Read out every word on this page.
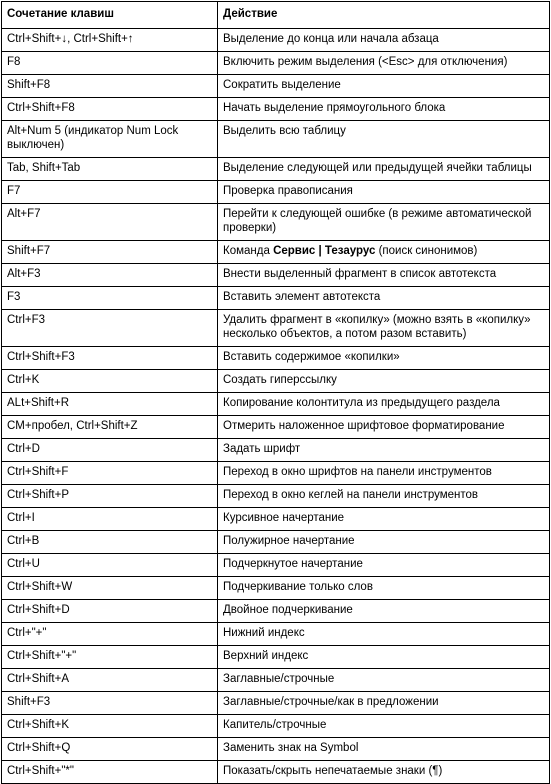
Сочетание клавиш	Действие
Ctrl+Shift+↓, Ctrl+Shift+↑	Выделение до конца или начала абзаца
F8	Включить режим выделения (<Esc> для отключения)
Shift+F8	Сократить выделение
Ctrl+Shift+F8	Начать выделение прямоугольного блока
Alt+Num 5 (индикатор Num Lock выключен)	Выделить всю таблицу
Tab, Shift+Tab	Выделение следующей или предыдущей ячейки таблицы
F7	Проверка правописания
Alt+F7	Перейти к следующей ошибке (в режиме автоматической проверки)
Shift+F7	Команда Сервис | Тезаурус (поиск синонимов)
Alt+F3	Внести выделенный фрагмент в список автотекста
F3	Вставить элемент автотекста
Ctrl+F3	Удалить фрагмент в «копилку» (можно взять в «копилку» несколько объектов, а потом разом вставить)
Ctrl+Shift+F3	Вставить содержимое «копилки»
Ctrl+K	Создать гиперссылку
ALt+Shift+R	Копирование колонтитула из предыдущего раздела
CM+пробел, Ctrl+Shift+Z	Отмерить наложенное шрифтовое форматирование
Ctrl+D	Задать шрифт
Ctrl+Shift+F	Переход в окно шрифтов на панели инструментов
Ctrl+Shift+P	Переход в окно кеглей на панели инструментов
Ctrl+I	Курсивное начертание
Ctrl+B	Полужирное начертание
Ctrl+U	Подчеркнутое начертание
Ctrl+Shift+W	Подчеркивание только слов
Ctrl+Shift+D	Двойное подчеркивание
Ctrl+"+"	Нижний индекс
Ctrl+Shift+"+"	Верхний индекс
Ctrl+Shift+A	Заглавные/строчные
Shift+F3	Заглавные/строчные/как в предложении
Ctrl+Shift+K	Капитель/строчные
Ctrl+Shift+Q	Заменить знак на Symbol
Ctrl+Shift+"*"	Показать/скрыть непечатаемые знаки (¶)
